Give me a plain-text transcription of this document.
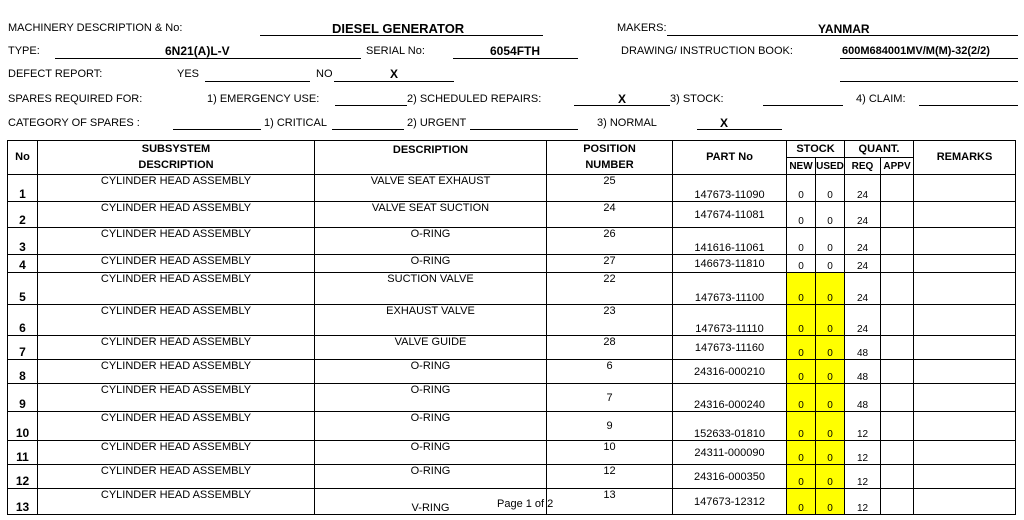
MACHINERY DESCRIPTION & No:	DIESEL GENERATOR	MAKERS:	YANMAR
TYPE:	6N21(A)L-V	SERIAL No:	6054FTH	DRAWING/ INSTRUCTION BOOK:	600M684001MV/M(M)-32(2/2)
DEFECT REPORT:	YES	NO	X
SPARES REQUIRED FOR:	1) EMERGENCY USE:	2) SCHEDULED REPAIRS:	X	3) STOCK:	4) CLAIM:
CATEGORY OF SPARES :	1) CRITICAL	2) URGENT	3) NORMAL	X
No	SUBSYSTEM	DESCRIPTION	POSITION	PART No	STOCK		QUANT.		REMARKS
	DESCRIPTION		NUMBER		NEW	USED	REQ	APPV	
1	CYLINDER HEAD ASSEMBLY	VALVE SEAT EXHAUST	25	147673-11090	0	0	24		
2	CYLINDER HEAD ASSEMBLY	VALVE SEAT SUCTION	24	147674-11081	0	0	24		
3	CYLINDER HEAD ASSEMBLY	O-RING	26	141616-11061	0	0	24		
4	CYLINDER HEAD ASSEMBLY	O-RING	27	146673-11810	0	0	24		
5	CYLINDER HEAD ASSEMBLY	SUCTION VALVE	22	147673-11100	0	0	24		
6	CYLINDER HEAD ASSEMBLY	EXHAUST VALVE	23	147673-11110	0	0	24		
7	CYLINDER HEAD ASSEMBLY	VALVE GUIDE	28	147673-11160	0	0	48		
8	CYLINDER HEAD ASSEMBLY	O-RING	6	24316-000210	0	0	48		
9	CYLINDER HEAD ASSEMBLY	O-RING	7	24316-000240	0	0	48		
10	CYLINDER HEAD ASSEMBLY	O-RING	9	152633-01810	0	0	12		
11	CYLINDER HEAD ASSEMBLY	O-RING	10	24311-000090	0	0	12		
12	CYLINDER HEAD ASSEMBLY	O-RING	12	24316-000350	0	0	12		
13	CYLINDER HEAD ASSEMBLY	V-RING	13	147673-12312	0	0	12		
Page 1 of 2
